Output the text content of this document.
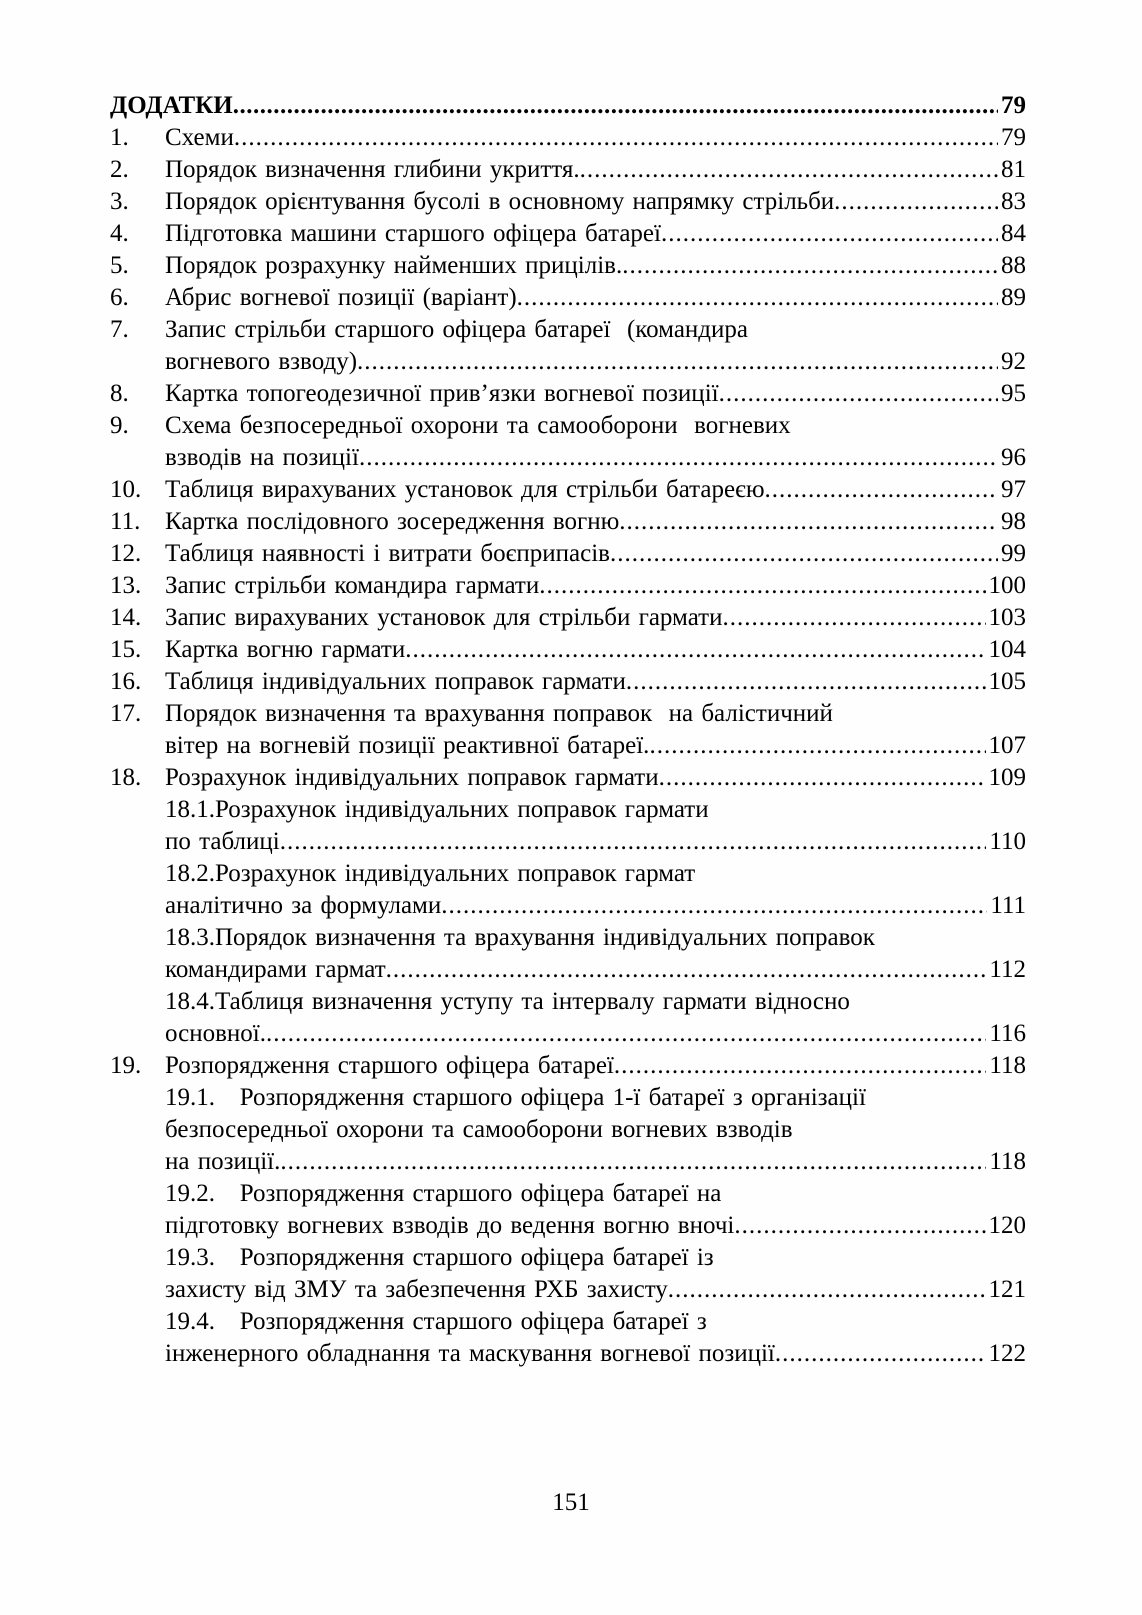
ДОДАТКИ .....	79
1.	Схеми .....	79
2.	Порядок визначення глибини укриття. .....	81
3.	Порядок орієнтування бусолі в основному напрямку стрільби .....	83
4.	Підготовка машини старшого офіцера батареї .....	84
5.	Порядок розрахунку найменших прицілів. .....	88
6.	Абрис вогневої позиції (варіант) .....	89
7.	Запис стрільби старшого офіцера батареї  (командира
вогневого взводу) .....	92
8.	Картка топогеодезичної прив’язки вогневої позиції .....	95
9.	Схема безпосередньої охорони та самооборони  вогневих
взводів на позиції .....	96
10. Таблиця вирахуваних установок для стрільби батареєю .....	97
11. Картка послідовного зосередження вогню .....	98
12. Таблиця наявності і витрати боєприпасів .....	99
13. Запис стрільби командира гармати .....	100
14. Запис вирахуваних установок для стрільби гармати .....	103
15. Картка вогню гармати .....	104
16. Таблиця індивідуальних поправок гармати .....	105
17. Порядок визначення та врахування поправок  на балістичний
вітер на вогневій позиції реактивної батареї. .....	107
18. Розрахунок індивідуальних поправок гармати .....	109
18.1.Розрахунок індивідуальних поправок гармати
по таблиці .....	110
18.2.Розрахунок індивідуальних поправок гармат
аналітично за формулами .....	111
18.3.Порядок визначення та врахування індивідуальних поправок
командирами гармат .....	112
18.4.Таблиця визначення уступу та інтервалу гармати відносно
основної. .....	116
19. Розпорядження старшого офіцера батареї .....	118
19.1.   Розпорядження старшого офіцера 1-ї батареї з організації
безпосередньої охорони та самооборони вогневих взводів
на позиції. .....	118
19.2.   Розпорядження старшого офіцера батареї на
підготовку вогневих взводів до ведення вогню вночі .....	120
19.3.   Розпорядження старшого офіцера батареї із
захисту від ЗМУ та забезпечення РХБ захисту .....	121
19.4.   Розпорядження старшого офіцера батареї з
інженерного обладнання та маскування вогневої позиції .....	122
151
